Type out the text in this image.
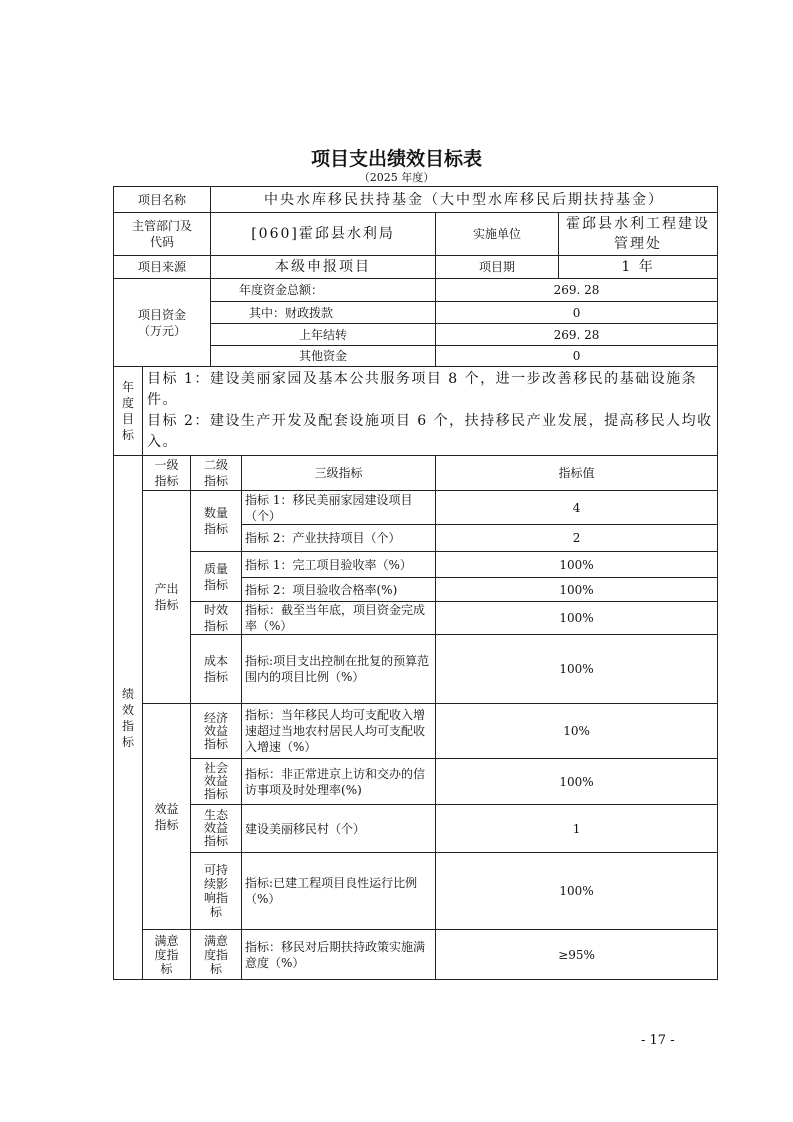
项目支出绩效目标表
（2025 年度）
项目名称			中央水库移民扶持基金（大中型水库移民后期扶持基金）			
主管部门及代码			[060]霍邱县水利局		实施单位	霍邱县水利工程建设管理处
项目来源			本级申报项目		项目期	1 年
项目资金（万元）			年度资金总额：		269. 28	
			其中：财政拨款		0	
			上年结转		269. 28	
			其他资金		0	
年度目标	目标 1：建设美丽家园及基本公共服务项目 8 个，进一步改善移民的基础设施条件。
目标 2：建设生产开发及配套设施项目 6 个，扶持移民产业发展，提高移民人均收入。					

绩效指标	一级指标	二级指标		三级指标	指标值	
	产出指标	数量指标		指标 1：移民美丽家园建设项目（个）	4	
				指标 2：产业扶持项目（个）	2	
		质量指标		指标 1：完工项目验收率（%）	100%	
				指标 2：项目验收合格率(%)	100%	
		时效指标		指标：截至当年底，项目资金完成率（%）	100%	
		成本指标		指标:项目支出控制在批复的预算范围内的项目比例（%）	100%	
	效益指标	经济效益指标		指标：当年移民人均可支配收入增速超过当地农村居民人均可支配收入增速（%）	10%	
		社会效益指标		指标：非正常进京上访和交办的信访事项及时处理率(%)	100%	
		生态效益指标		建设美丽移民村（个）	1	
		可持续影响指标		指标:已建工程项目良性运行比例（%）	100%	
	满意度指标	满意度指标		指标：移民对后期扶持政策实施满意度（%）	≥95%	
- 17 -
